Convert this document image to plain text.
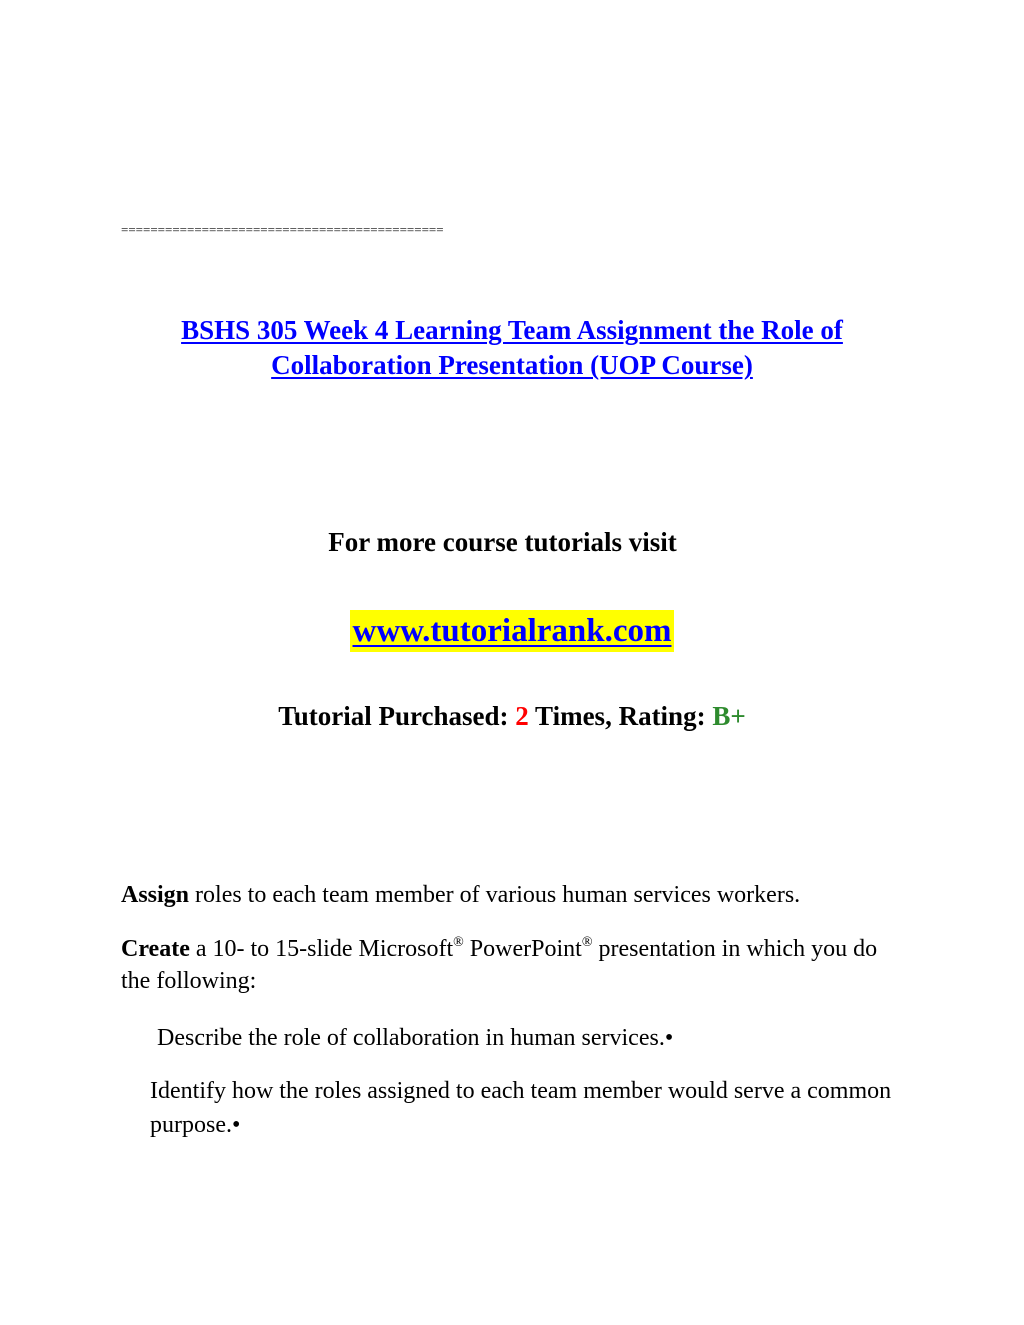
============================================
BSHS 305 Week 4 Learning Team Assignment the Role of
Collaboration Presentation (UOP Course)
For more course tutorials visit
www.tutorialrank.com
Tutorial Purchased: 2 Times, Rating: B+
Assign roles to each team member of various human services workers.
Create a 10- to 15-slide Microsoft® PowerPoint® presentation in which you do the following:
Describe the role of collaboration in human services.•
Identify how the roles assigned to each team member would serve a common purpose.•
